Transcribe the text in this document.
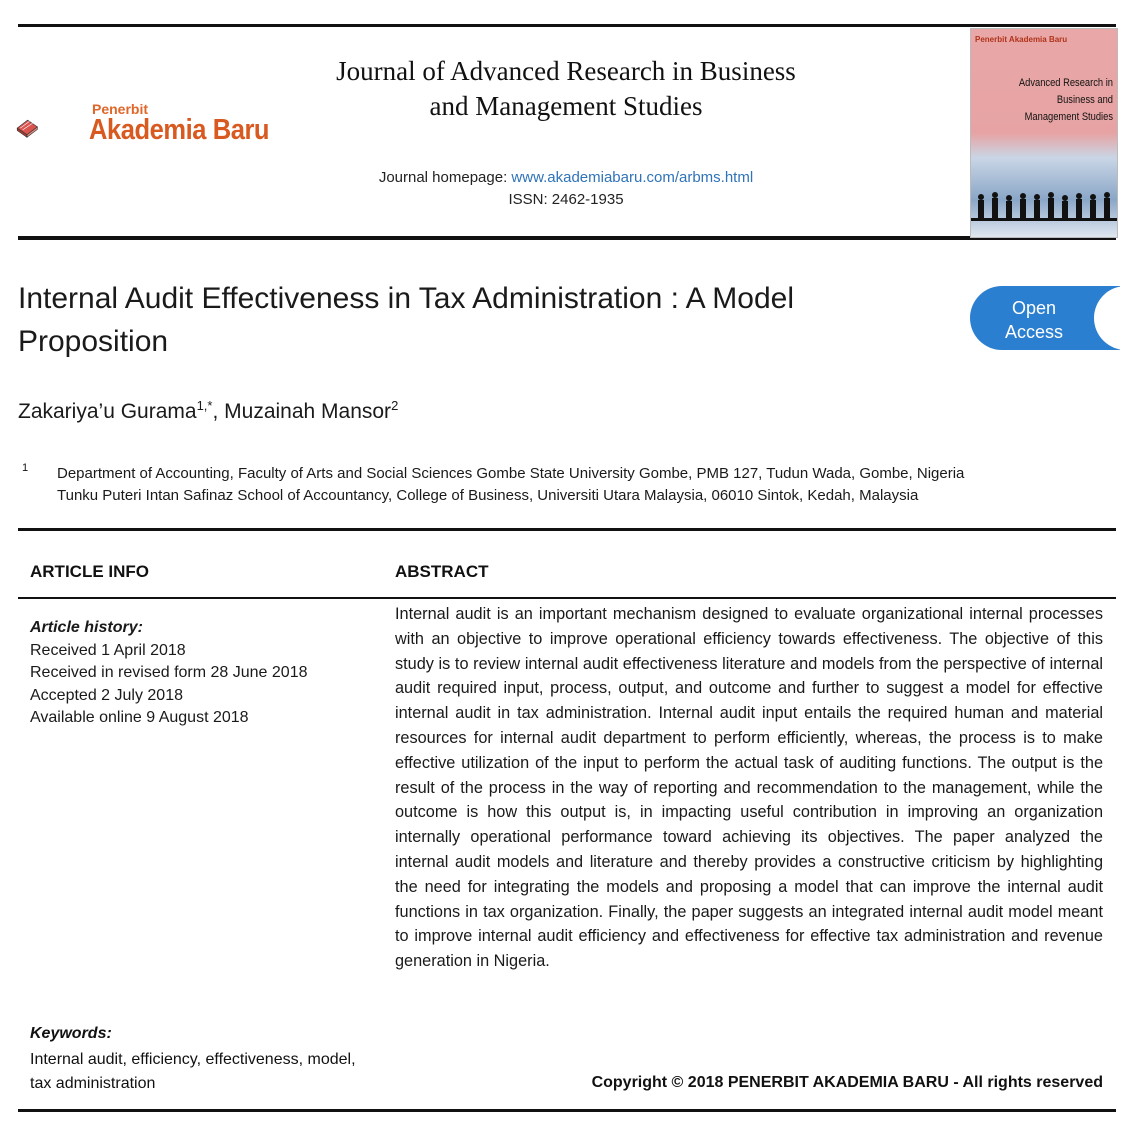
Penerbit
Akademia Baru
Journal of Advanced Research in Business
and Management Studies
Journal homepage: www.akademiabaru.com/arbms.html
ISSN: 2462-1935
Penerbit Akademia Baru
Advanced Research in
Business and
Management Studies
Internal Audit Effectiveness in Tax Administration : A Model
Proposition
Open
Access
Zakariya’u Gurama$^{1,*}$, Muzainah Mansor$^2$
1 Department of Accounting, Faculty of Arts and Social Sciences Gombe State University Gombe, PMB 127, Tudun Wada, Gombe, Nigeria
Tunku Puteri Intan Safinaz School of Accountancy, College of Business, Universiti Utara Malaysia, 06010 Sintok, Kedah, Malaysia
ARTICLE INFO	ABSTRACT
Article history:
Received 1 April 2018
Received in revised form 28 June 2018
Accepted 2 July 2018
Available online 9 August 2018
Internal audit is an important mechanism designed to evaluate organizational internal processes with an objective to improve operational efficiency towards effectiveness. The objective of this study is to review internal audit effectiveness literature and models from the perspective of internal audit required input, process, output, and outcome and further to suggest a model for effective internal audit in tax administration. Internal audit input entails the required human and material resources for internal audit department to perform efficiently, whereas, the process is to make effective utilization of the input to perform the actual task of auditing functions. The output is the result of the process in the way of reporting and recommendation to the management, while the outcome is how this output is, in impacting useful contribution in improving an organization internally operational performance toward achieving its objectives. The paper analyzed the internal audit models and literature and thereby provides a constructive criticism by highlighting the need for integrating the models and proposing a model that can improve the internal audit functions in tax organization. Finally, the paper suggests an integrated internal audit model meant to improve internal audit efficiency and effectiveness for effective tax administration and revenue generation in Nigeria.
Keywords:
Internal audit, efficiency, effectiveness, model, tax administration	Copyright © 2018 PENERBIT AKADEMIA BARU - All rights reserved
